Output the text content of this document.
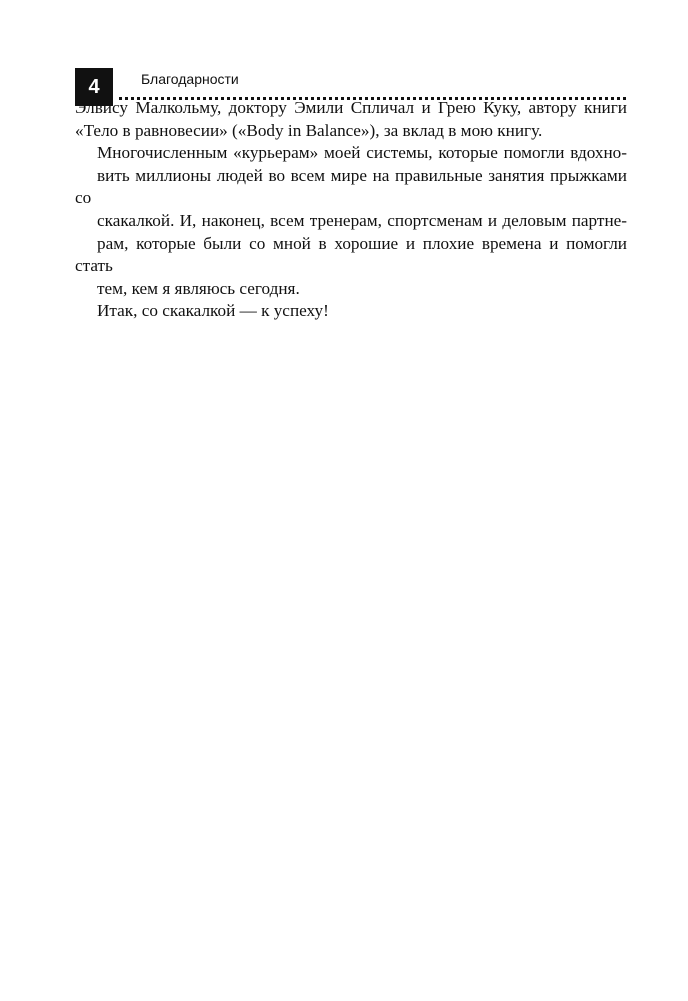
4	Благодарности

Элвису Малкольму, доктору Эмили Спличал и Грею Куку, автору книги
«Тело в равновесии» («Body in Balance»), за вклад в мою книгу.

Многочисленным «курьерам» моей системы, которые помогли вдохно-
вить миллионы людей во всем мире на правильные занятия прыжками со
скакалкой. И, наконец, всем тренерам, спортсменам и деловым партне-
рам, которые были со мной в хорошие и плохие времена и помогли стать
тем, кем я являюсь сегодня.

Итак, со скакалкой — к успеху!
